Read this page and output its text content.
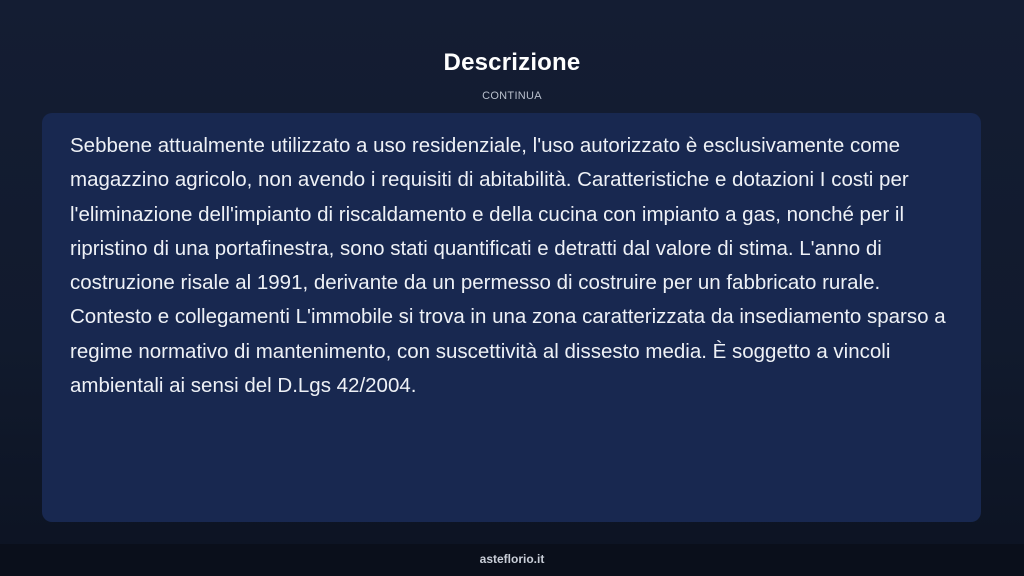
Descrizione
CONTINUA

Sebbene attualmente utilizzato a uso residenziale, l'uso autorizzato è esclusivamente come magazzino agricolo, non avendo i requisiti di abitabilità. Caratteristiche e dotazioni I costi per l'eliminazione dell'impianto di riscaldamento e della cucina con impianto a gas, nonché per il ripristino di una portafinestra, sono stati quantificati e detratti dal valore di stima. L'anno di costruzione risale al 1991, derivante da un permesso di costruire per un fabbricato rurale. Contesto e collegamenti L'immobile si trova in una zona caratterizzata da insediamento sparso a regime normativo di mantenimento, con suscettività al dissesto media. È soggetto a vincoli ambientali ai sensi del D.Lgs 42/2004.

asteflorio.it
